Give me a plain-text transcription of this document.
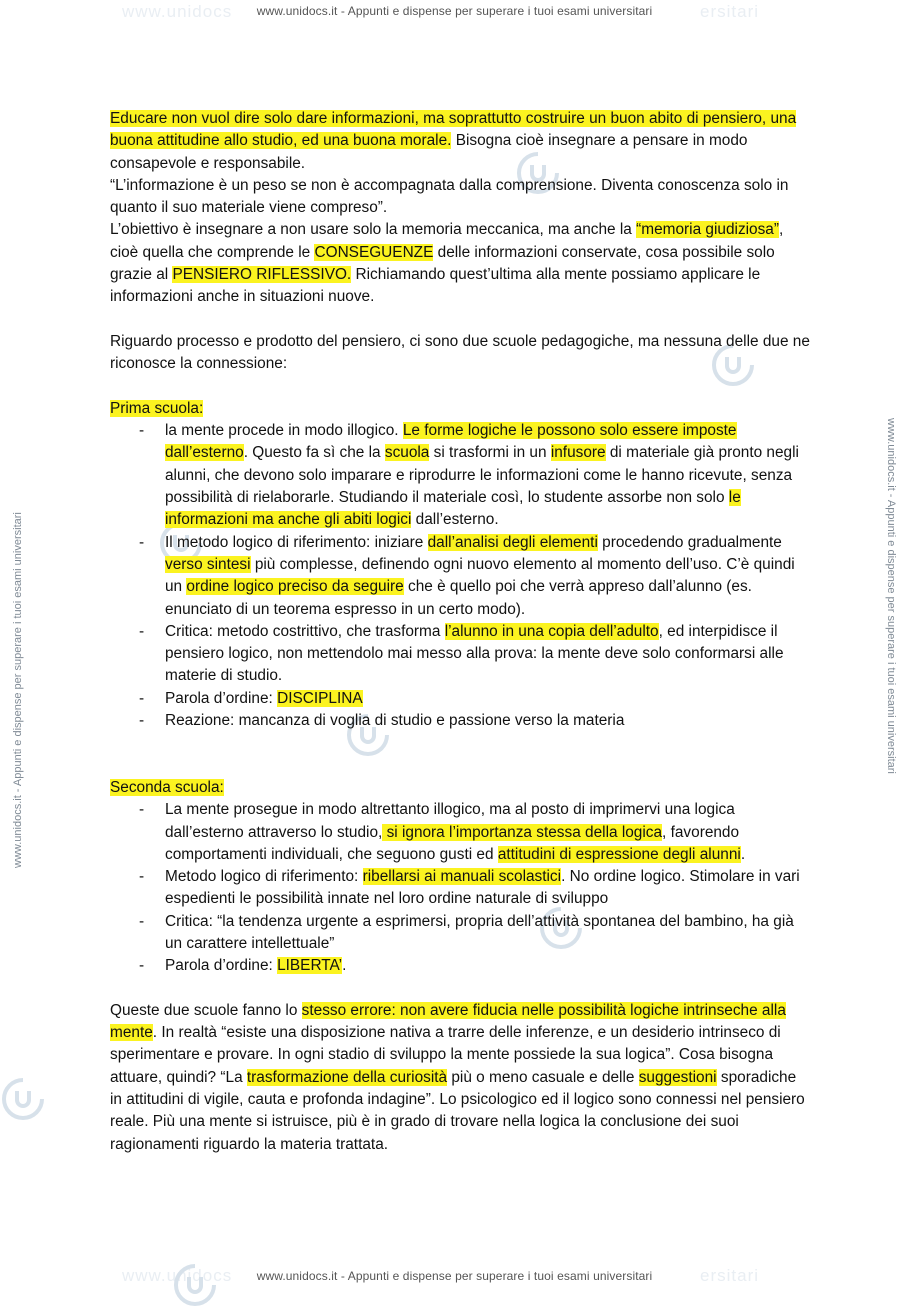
www.unidocs	ersitari
www.unidocs	ersitari
www.unidocs.it - Appunti e dispense per superare i tuoi esami universitari
www.unidocs.it - Appunti e dispense per superare i tuoi esami universitari
www.unidocs.it - Appunti e dispense per superare i tuoi esami universitari	www.unidocs.it - Appunti e dispense per superare i tuoi esami universitari

Educare non vuol dire solo dare informazioni, ma soprattutto costruire un buon abito di pensiero, una buona attitudine allo studio, ed una buona morale. Bisogna cioè insegnare a pensare in modo consapevole e responsabile.

“L’informazione è un peso se non è accompagnata dalla comprensione. Diventa conoscenza solo in quanto il suo materiale viene compreso”.

L’obiettivo è insegnare a non usare solo la memoria meccanica, ma anche la “memoria giudiziosa”, cioè quella che comprende le CONSEGUENZE delle informazioni conservate, cosa possibile solo grazie al PENSIERO RIFLESSIVO. Richiamando quest’ultima alla mente possiamo applicare le informazioni anche in situazioni nuove.

Riguardo processo e prodotto del pensiero, ci sono due scuole pedagogiche, ma nessuna delle due ne riconosce la connessione:

Prima scuola:

- la mente procede in modo illogico. Le forme logiche le possono solo essere imposte dall’esterno. Questo fa sì che la scuola si trasformi in un infusore di materiale già pronto negli alunni, che devono solo imparare e riprodurre le informazioni come le hanno ricevute, senza possibilità di rielaborarle. Studiando il materiale così, lo studente assorbe non solo le informazioni ma anche gli abiti logici dall’esterno.
- Il metodo logico di riferimento: iniziare dall’analisi degli elementi procedendo gradualmente verso sintesi più complesse, definendo ogni nuovo elemento al momento dell’uso. C’è quindi un ordine logico preciso da seguire che è quello poi che verrà appreso dall’alunno (es. enunciato di un teorema espresso in un certo modo).
- Critica: metodo costrittivo, che trasforma l’alunno in una copia dell’adulto, ed interpidisce il pensiero logico, non mettendolo mai messo alla prova: la mente deve solo conformarsi alle materie di studio.
- Parola d’ordine: DISCIPLINA
- Reazione: mancanza di voglia di studio e passione verso la materia

Seconda scuola:

- La mente prosegue in modo altrettanto illogico, ma al posto di imprimervi una logica dall’esterno attraverso lo studio, si ignora l’importanza stessa della logica, favorendo comportamenti individuali, che seguono gusti ed attitudini di espressione degli alunni.
- Metodo logico di riferimento: ribellarsi ai manuali scolastici. No ordine logico. Stimolare in vari espedienti le possibilità innate nel loro ordine naturale di sviluppo
- Critica: “la tendenza urgente a esprimersi, propria dell’attività spontanea del bambino, ha già un carattere intellettuale”
- Parola d’ordine: LIBERTA’.

Queste due scuole fanno lo stesso errore: non avere fiducia nelle possibilità logiche intrinseche alla mente. In realtà “esiste una disposizione nativa a trarre delle inferenze, e un desiderio intrinseco di sperimentare e provare. In ogni stadio di sviluppo la mente possiede la sua logica”. Cosa bisogna attuare, quindi? “La trasformazione della curiosità più o meno casuale e delle suggestioni sporadiche in attitudini di vigile, cauta e profonda indagine”. Lo psicologico ed il logico sono connessi nel pensiero reale. Più una mente si istruisce, più è in grado di trovare nella logica la conclusione dei suoi ragionamenti riguardo la materia trattata.
